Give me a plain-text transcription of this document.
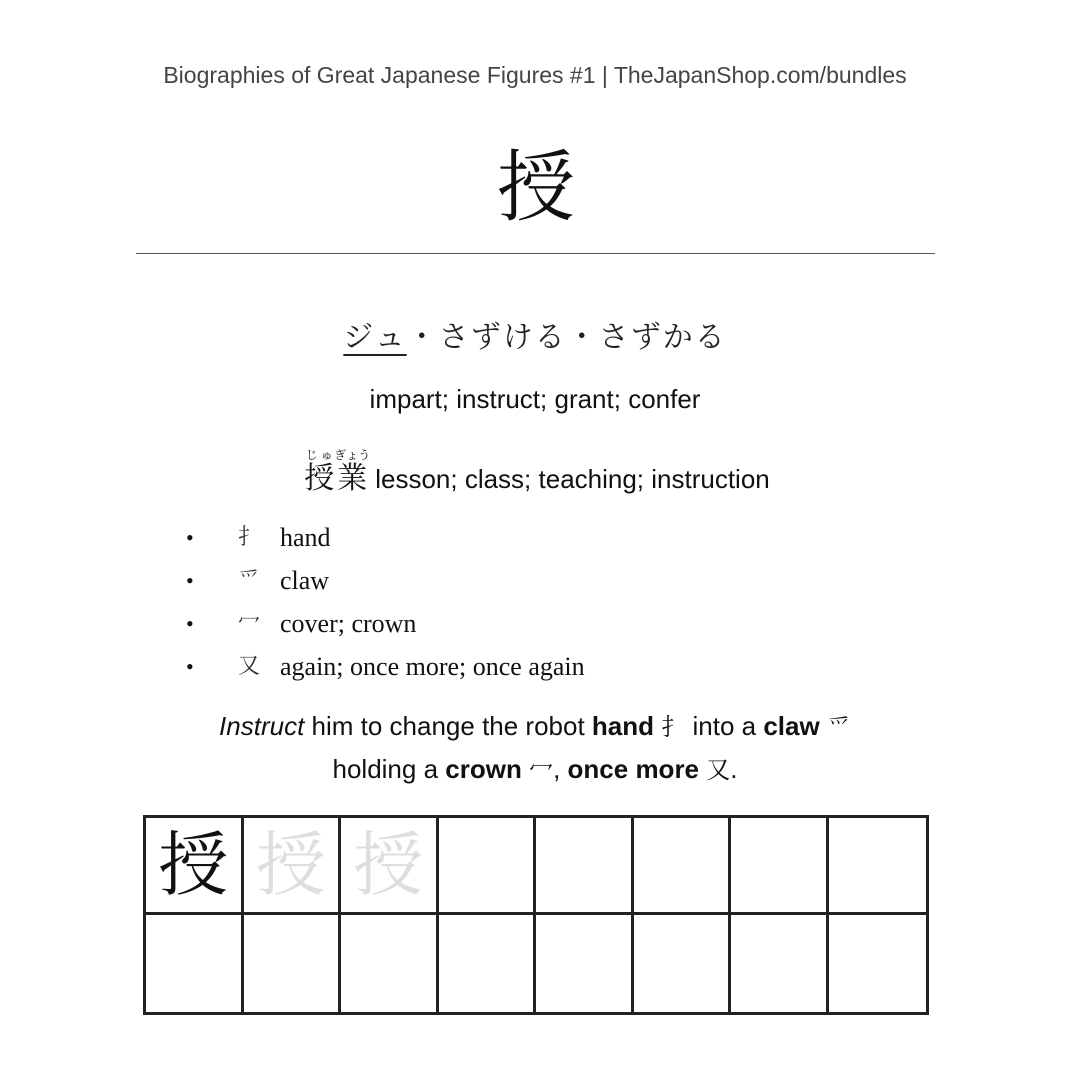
Biographies of Great Japanese Figures #1 | TheJapanShop.com/bundles
授
ジュ・さずける・さずかる
impart; instruct; grant; confer
授じゅ業ぎょうlesson; class; teaching; instruction
•	扌 hand
•	爫 claw
•	冖 cover; crown
•	又 again; once more; once again
Instruct him to change the robot hand 扌 into a claw 爫
holding a crown 冖, once more 又.
授 授 授
